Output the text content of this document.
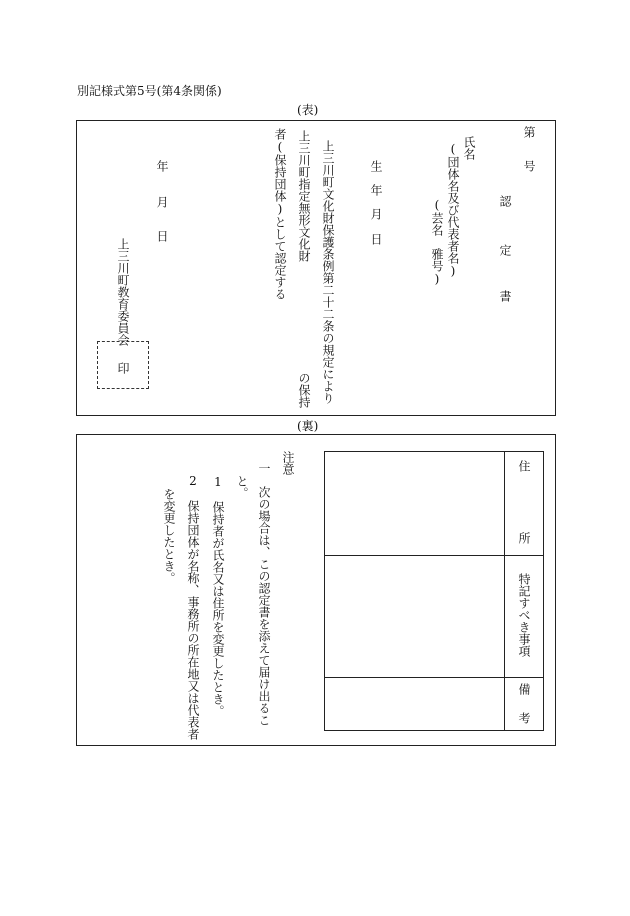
別記様式第5号(第4条関係)
(表)
第
号
認
定
書
氏名
(団体名及び代表者名)
(芸名　雅号)
生
年
月
日
上三川町文化財保護条例第二十二条の規定により
上三川町指定無形文化財
の保持
者(保持団体)として認定する
年
月
日
上三川町教育委員会
印
(裏)
住
所
特記すべき事項
備
考
注意
一　次の場合は、この認定書を添えて届け出るこ
と。
1　保持者が氏名又は住所を変更したとき。
2　保持団体が名称、事務所の所在地又は代表者
を変更したとき。
